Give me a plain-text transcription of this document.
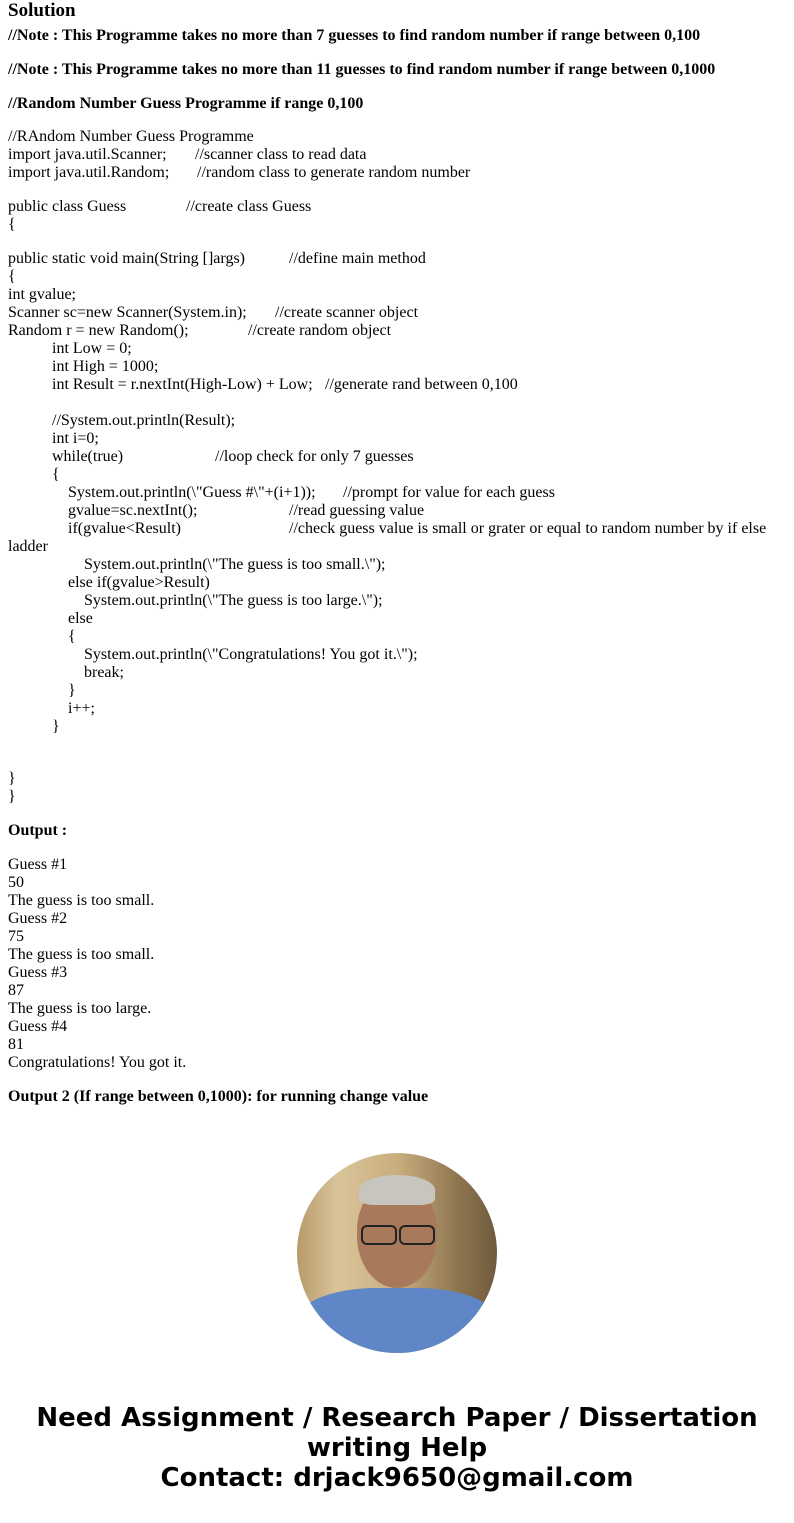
Solution
//Note : This Programme takes no more than 7 guesses to find random number if range between 0,100
//Note : This Programme takes no more than 11 guesses to find random number if range between 0,1000
//Random Number Guess Programme if range 0,100
//RAndom Number Guess Programme
import java.util.Scanner; //scanner class to read data
import java.util.Random; //random class to generate random number
public class Guess	//create class Guess
{
public static void main(String []args)	//define main method
{
int gvalue;
Scanner sc=new Scanner(System.in); //create scanner object
Random r = new Random();	//create random object
int Low = 0;
int High = 1000;
int Result = r.nextInt(High-Low) + Low; //generate rand between 0,100
//System.out.println(Result);
int i=0;
while(true)	//loop check for only 7 guesses
{
System.out.println(\"Guess #\"+(i+1)); //prompt for value for each guess
gvalue=sc.nextInt();	//read guessing value
if(gvalue<Result)	//check guess value is small or grater or equal to random number by if else
ladder
System.out.println(\"The guess is too small.\");
else if(gvalue>Result)
System.out.println(\"The guess is too large.\");
else
{
System.out.println(\"Congratulations! You got it.\");
break;
}
i++;
}
}
}
Output :
Guess #1
50
The guess is too small.
Guess #2
75
The guess is too small.
Guess #3
87
The guess is too large.
Guess #4
81
Congratulations! You got it.
Output 2 (If range between 0,1000): for running change value
Need Assignment / Research Paper / Dissertation
writing Help
Contact: drjack9650@gmail.com
